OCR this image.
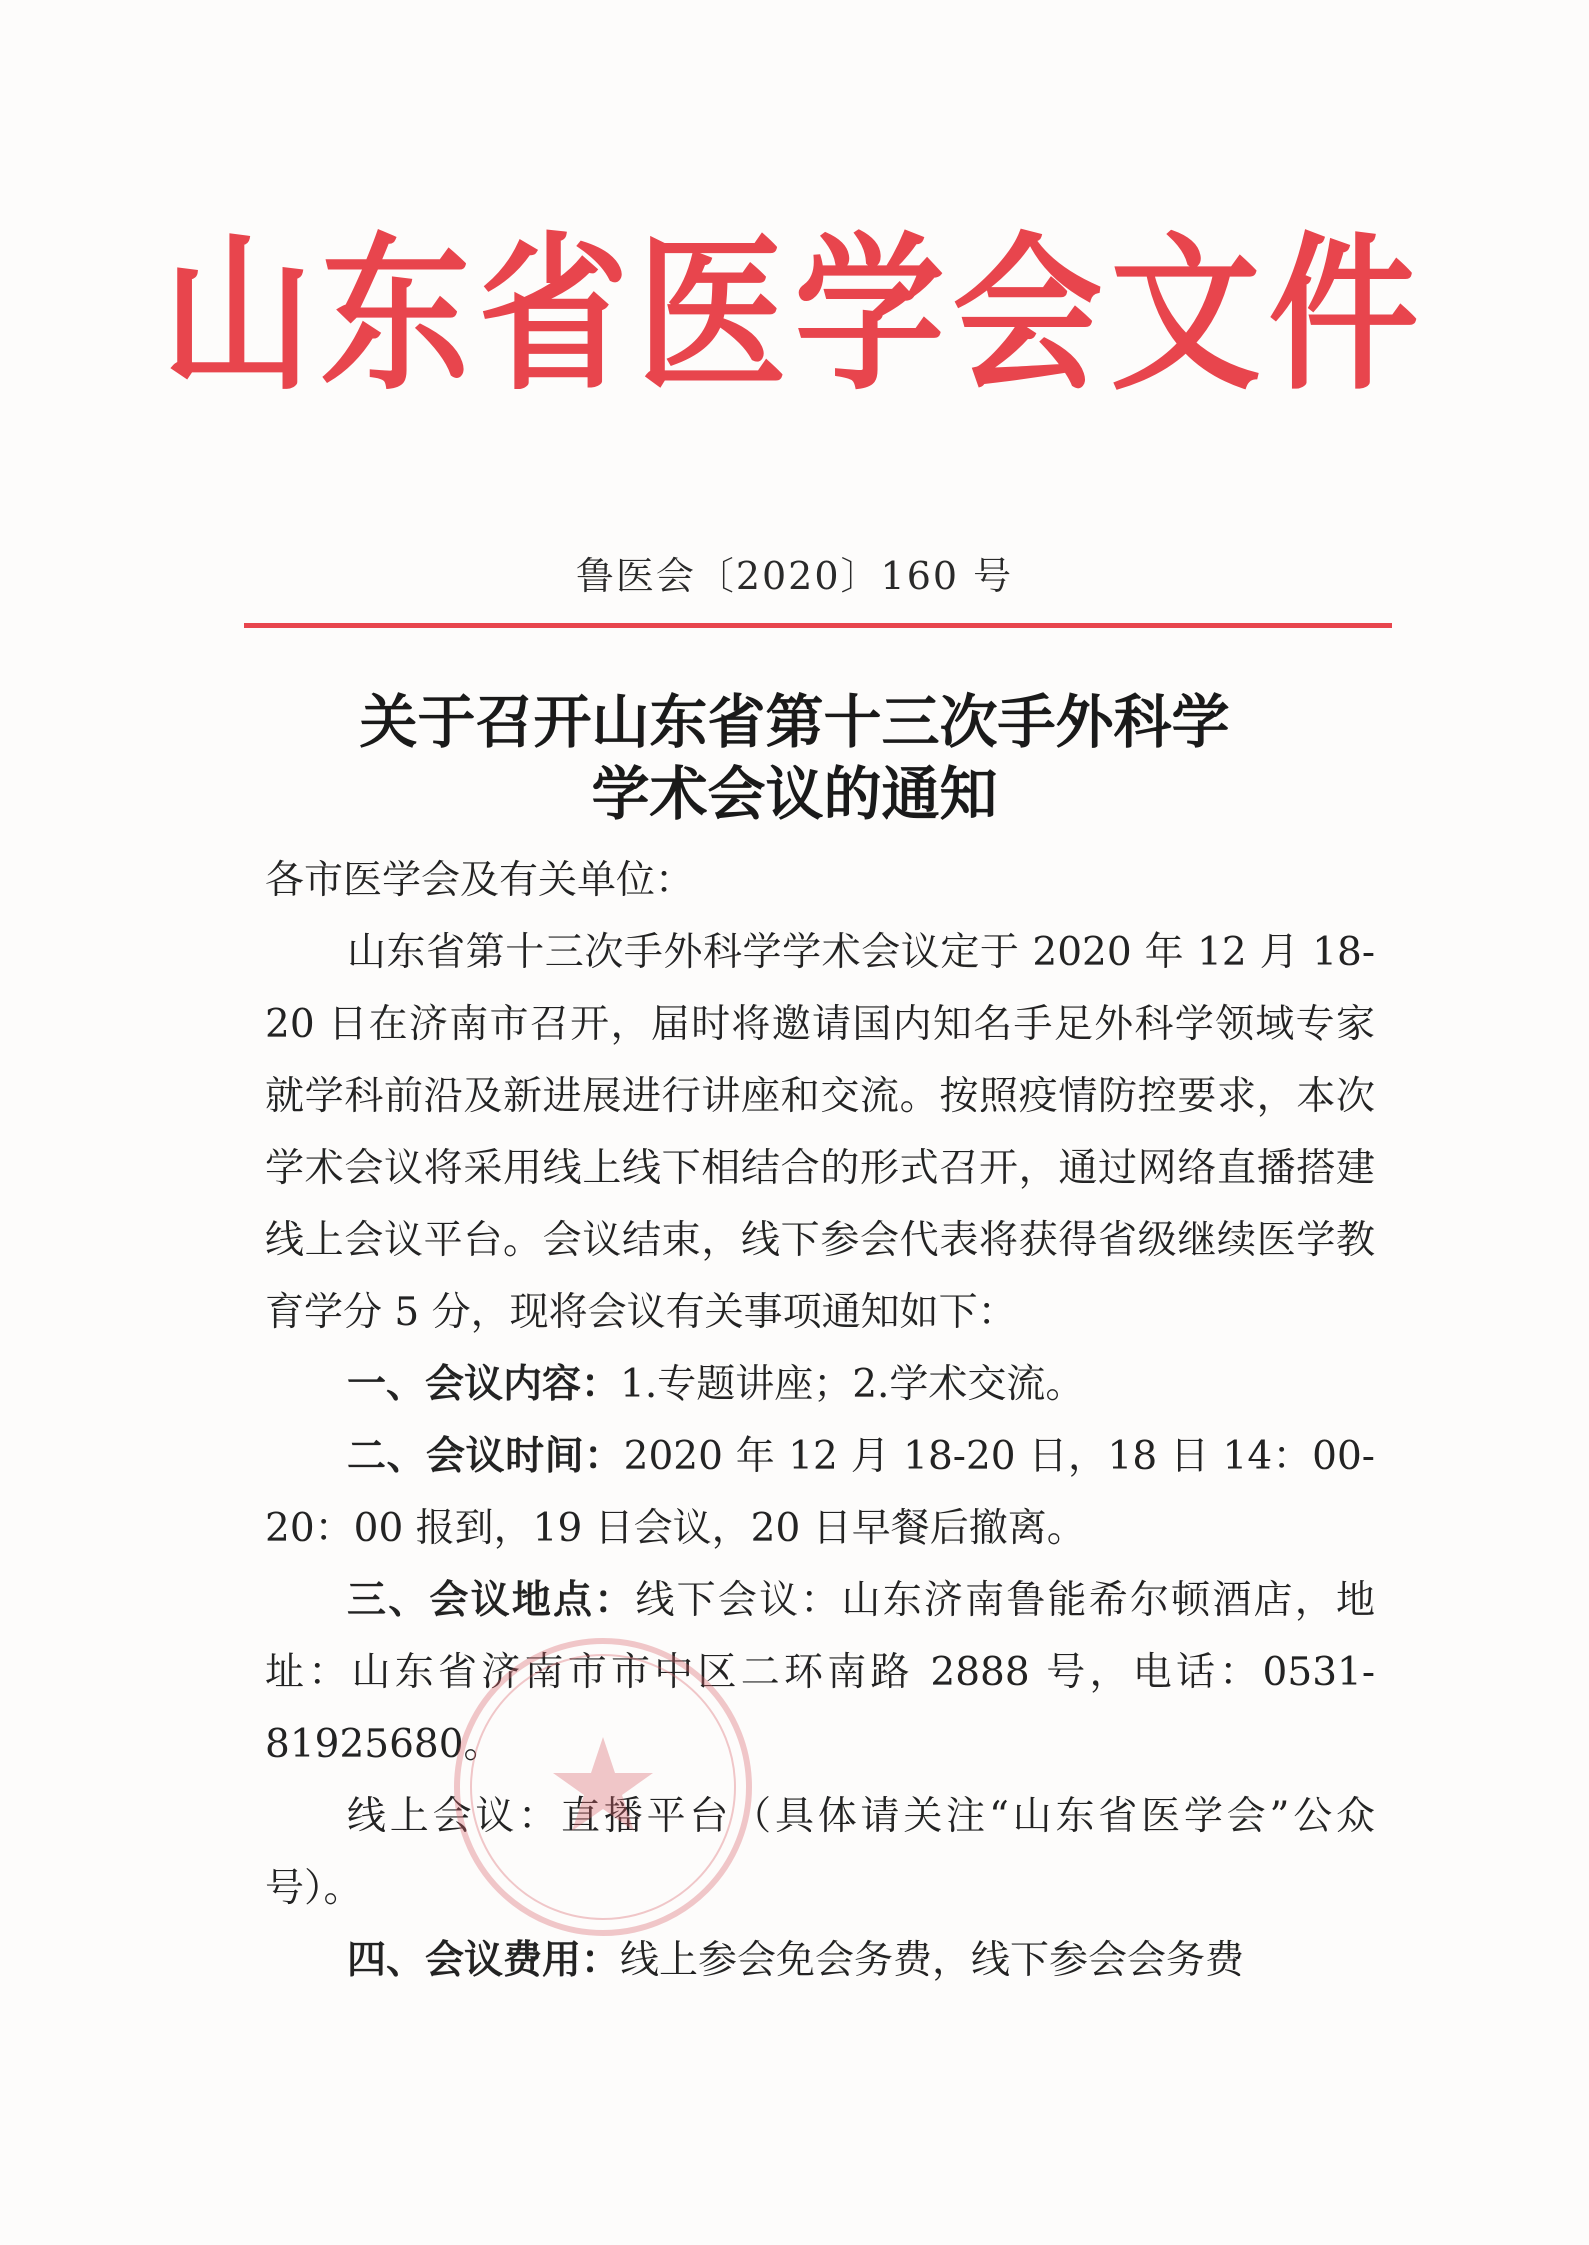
山东省医学会文件
鲁医会〔2020〕160 号
关于召开山东省第十三次手外科学
学术会议的通知

各市医学会及有关单位：

山东省第十三次手外科学学术会议定于 2020 年 12 月 18-20 日在济南市召开，届时将邀请国内知名手足外科学领域专家就学科前沿及新进展进行讲座和交流。按照疫情防控要求，本次学术会议将采用线上线下相结合的形式召开，通过网络直播搭建线上会议平台。会议结束，线下参会代表将获得省级继续医学教育学分 5 分，现将会议有关事项通知如下：

一、会议内容：1.专题讲座；2.学术交流。

二、会议时间：2020 年 12 月 18-20 日，18 日 14：00-20：00 报到，19 日会议，20 日早餐后撤离。

三、会议地点：线下会议：山东济南鲁能希尔顿酒店，地址：山东省济南市市中区二环南路 2888 号，电话：0531-81925680。

线上会议：直播平台（具体请关注“山东省医学会”公众号）。

四、会议费用：线上参会免会务费，线下参会会务费
